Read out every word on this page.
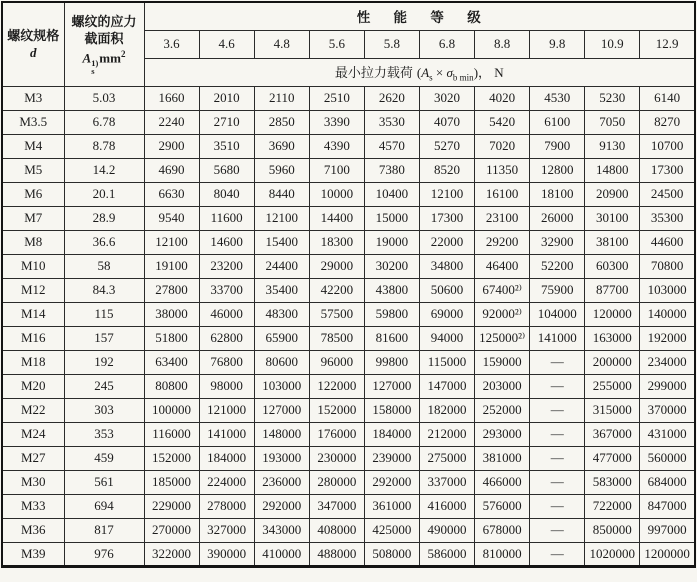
螺纹规格
d

螺纹的应力
截面积
A 1)
s
$mm^2$
	性 能 等 级
		3.6	4.6	4.8	5.6	5.8	6.8	8.8	9.8	10.9	12.9
		最小拉力载荷 $(A_s \times \sigma_{b min})$， N									
M3	5.03	1660	2010	2110	2510	2620	3020	4020	4530	5230	6140
M3.5	6.78	2240	2710	2850	3390	3530	4070	5420	6100	7050	8270
M4	8.78	2900	3510	3690	4390	4570	5270	7020	7900	9130	10700
M5	14.2	4690	5680	5960	7100	7380	8520	11350	12800	14800	17300
M6	20.1	6630	8040	8440	10000	10400	12100	16100	18100	20900	24500
M7	28.9	9540	11600	12100	14400	15000	17300	23100	26000	30100	35300
M8	36.6	12100	14600	15400	18300	19000	22000	29200	32900	38100	44600
M10	58	19100	23200	24400	29000	30200	34800	46400	52200	60300	70800
M12	84.3	27800	33700	35400	42200	43800	50600	67400²⁾	75900	87700	103000
M14	115	38000	46000	48300	57500	59800	69000	92000²⁾	104000	120000	140000
M16	157	51800	62800	65900	78500	81600	94000	125000²⁾	141000	163000	192000
M18	192	63400	76800	80600	96000	99800	115000	159000	—	200000	234000
M20	245	80800	98000	103000	122000	127000	147000	203000	—	255000	299000
M22	303	100000	121000	127000	152000	158000	182000	252000	—	315000	370000
M24	353	116000	141000	148000	176000	184000	212000	293000	—	367000	431000
M27	459	152000	184000	193000	230000	239000	275000	381000	—	477000	560000
M30	561	185000	224000	236000	280000	292000	337000	466000	—	583000	684000
M33	694	229000	278000	292000	347000	361000	416000	576000	—	722000	847000
M36	817	270000	327000	343000	408000	425000	490000	678000	—	850000	997000
M39	976	322000	390000	410000	488000	508000	586000	810000	—	1020000	1200000
